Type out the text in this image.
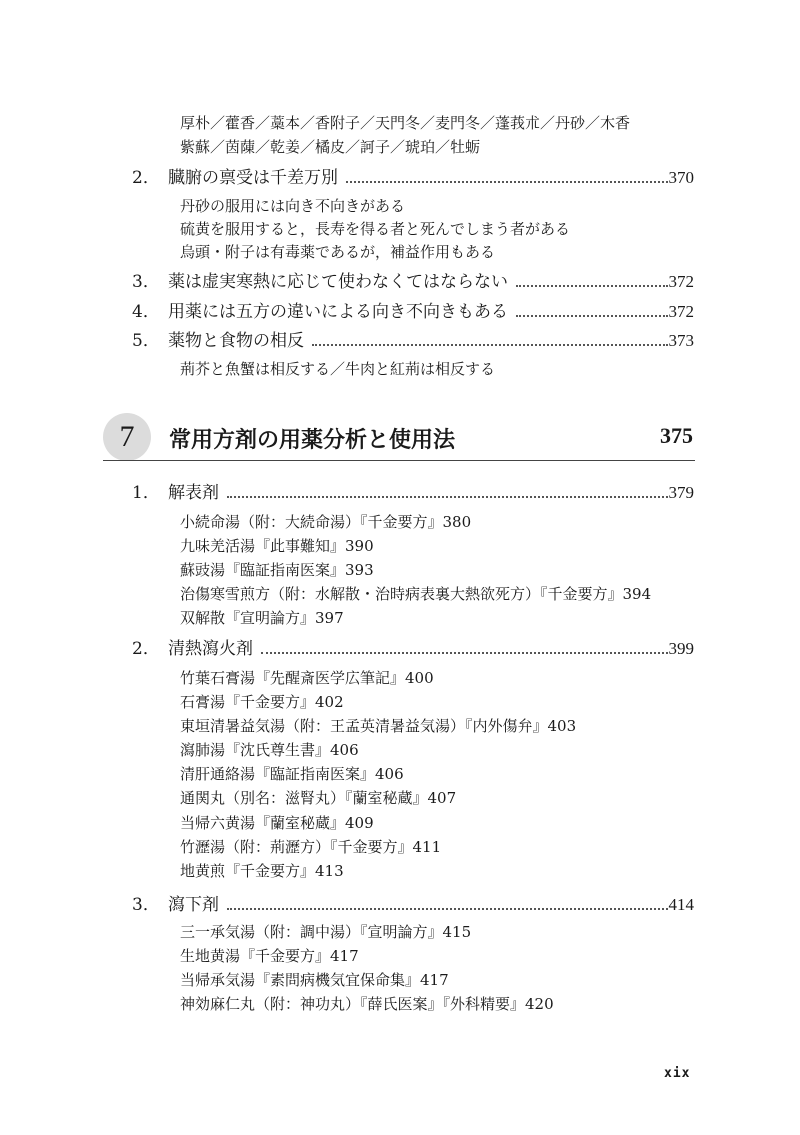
厚朴／藿香／藁本／香附子／天門冬／麦門冬／蓬莪朮／丹砂／木香
紫蘇／茵蔯／乾姜／橘皮／訶子／琥珀／牡蛎
2． 臓腑の禀受は千差万別	370
丹砂の服用には向き不向きがある
硫黄を服用すると，長寿を得る者と死んでしまう者がある
烏頭・附子は有毒薬であるが，補益作用もある
3． 薬は虚実寒熱に応じて使わなくてはならない	372
4． 用薬には五方の違いによる向き不向きもある	372
5． 薬物と食物の相反	373
荊芥と魚蟹は相反する／牛肉と紅荊は相反する
7	常用方剤の用薬分析と使用法	375
1． 解表剤	379
小続命湯（附：大続命湯）『千金要方』380
九味羌活湯『此事難知』390
蘇豉湯『臨証指南医案』393
治傷寒雪煎方（附：水解散・治時病表裏大熱欲死方）『千金要方』394
双解散『宣明論方』397
2． 清熱瀉火剤	399
竹葉石膏湯『先醒斎医学広筆記』400
石膏湯『千金要方』402
東垣清暑益気湯（附：王孟英清暑益気湯）『内外傷弁』403
瀉肺湯『沈氏尊生書』406
清肝通絡湯『臨証指南医案』406
通関丸（別名：滋腎丸）『蘭室秘蔵』407
当帰六黄湯『蘭室秘蔵』409
竹瀝湯（附：荊瀝方）『千金要方』411
地黄煎『千金要方』413
3． 瀉下剤	414
三一承気湯（附：調中湯）『宣明論方』415
生地黄湯『千金要方』417
当帰承気湯『素問病機気宜保命集』417
神効麻仁丸（附：神功丸）『薛氏医案』『外科精要』420
xix
